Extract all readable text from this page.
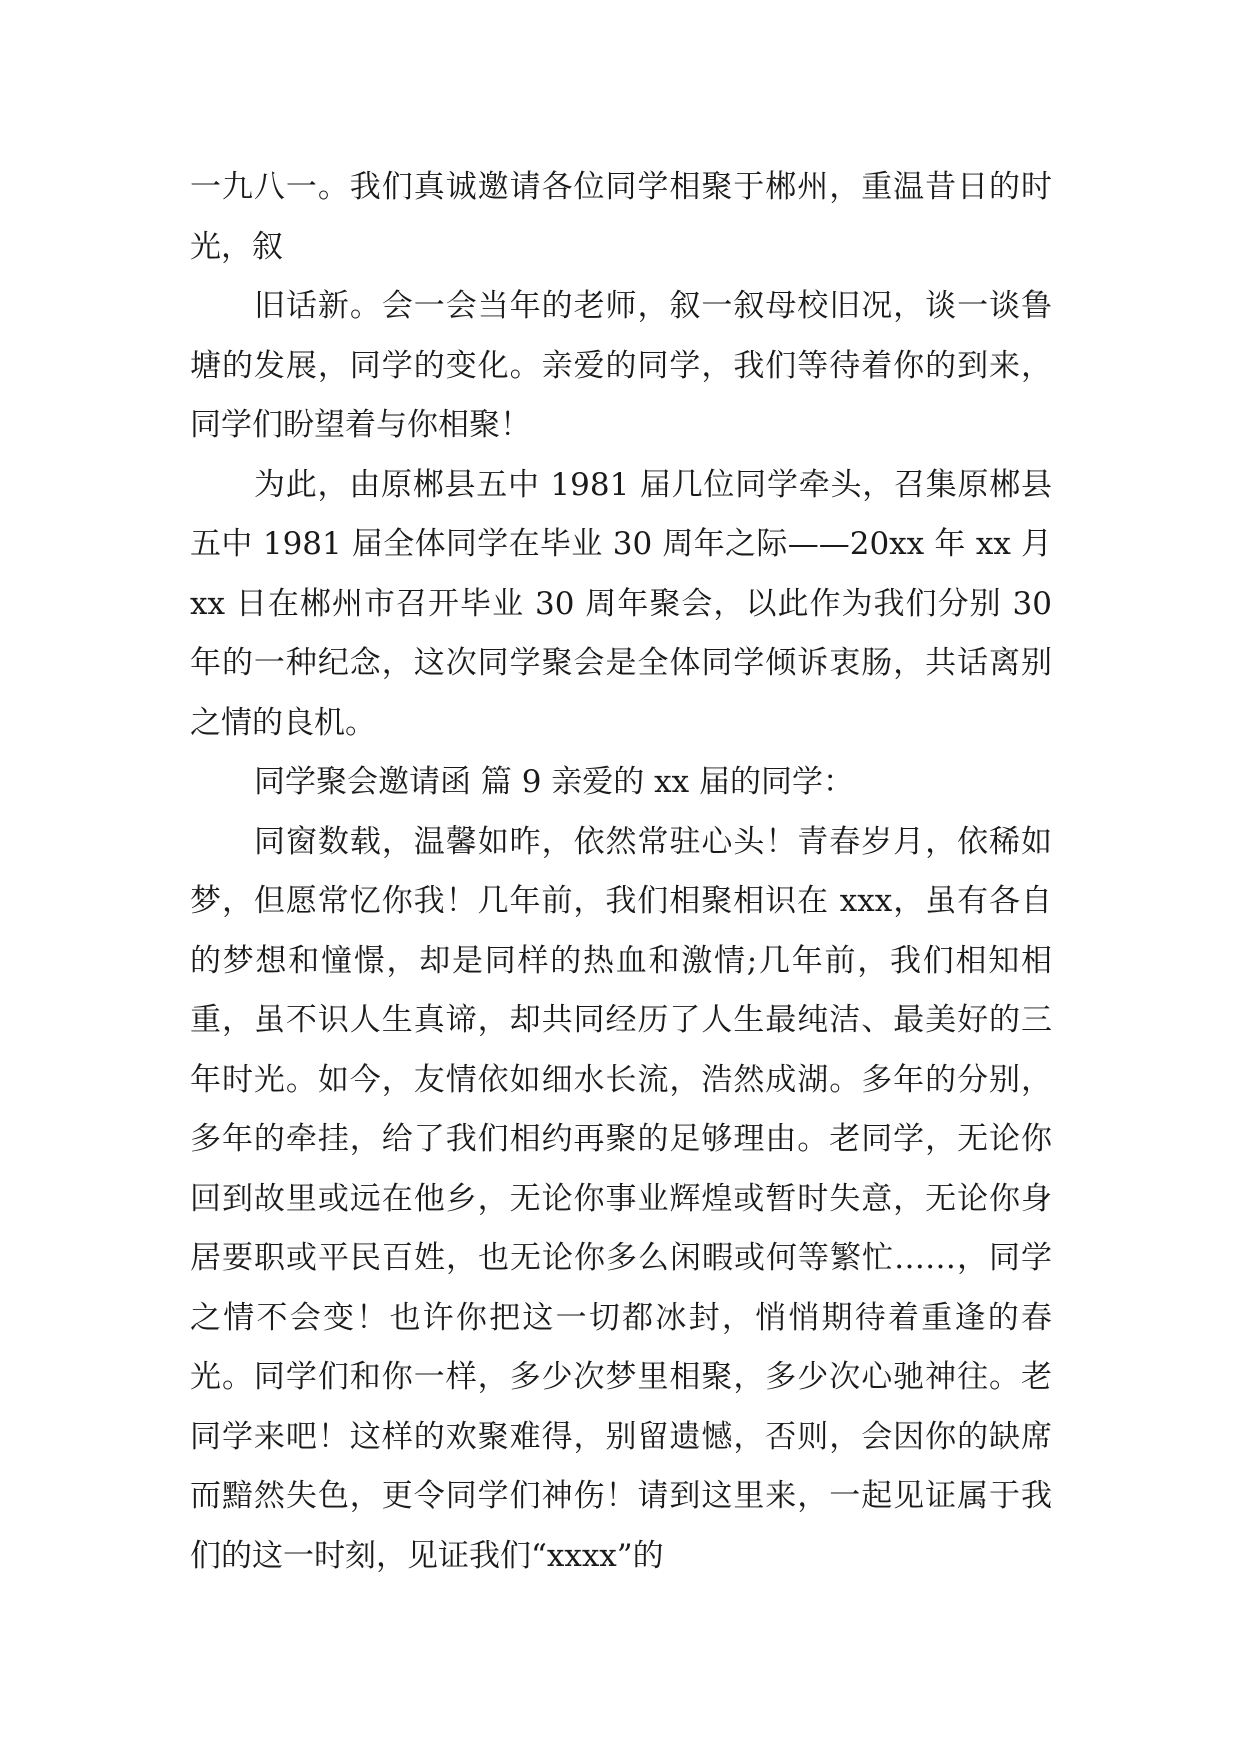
一九八一。我们真诚邀请各位同学相聚于郴州，重温昔日的时光，叙

旧话新。会一会当年的老师，叙一叙母校旧况，谈一谈鲁塘的发展，同学的变化。亲爱的同学，我们等待着你的到来，同学们盼望着与你相聚！

为此，由原郴县五中 1981 届几位同学牵头，召集原郴县五中 1981 届全体同学在毕业 30 周年之际——20xx 年 xx 月 xx 日在郴州市召开毕业 30 周年聚会，以此作为我们分别 30 年的一种纪念，这次同学聚会是全体同学倾诉衷肠，共话离别之情的良机。

同学聚会邀请函 篇 9 亲爱的 xx 届的同学：

同窗数载，温馨如昨，依然常驻心头！青春岁月，依稀如梦，但愿常忆你我！几年前，我们相聚相识在 xxx，虽有各自的梦想和憧憬，却是同样的热血和激情;几年前，我们相知相重，虽不识人生真谛，却共同经历了人生最纯洁、最美好的三年时光。如今，友情依如细水长流，浩然成湖。多年的分别，多年的牵挂，给了我们相约再聚的足够理由。老同学，无论你回到故里或远在他乡，无论你事业辉煌或暂时失意，无论你身居要职或平民百姓，也无论你多么闲暇或何等繁忙……，同学之情不会变！也许你把这一切都冰封，悄悄期待着重逢的春光。同学们和你一样，多少次梦里相聚，多少次心驰神往。老同学来吧！这样的欢聚难得，别留遗憾，否则，会因你的缺席而黯然失色，更令同学们神伤！请到这里来，一起见证属于我们的这一时刻，见证我们“xxxx”的
